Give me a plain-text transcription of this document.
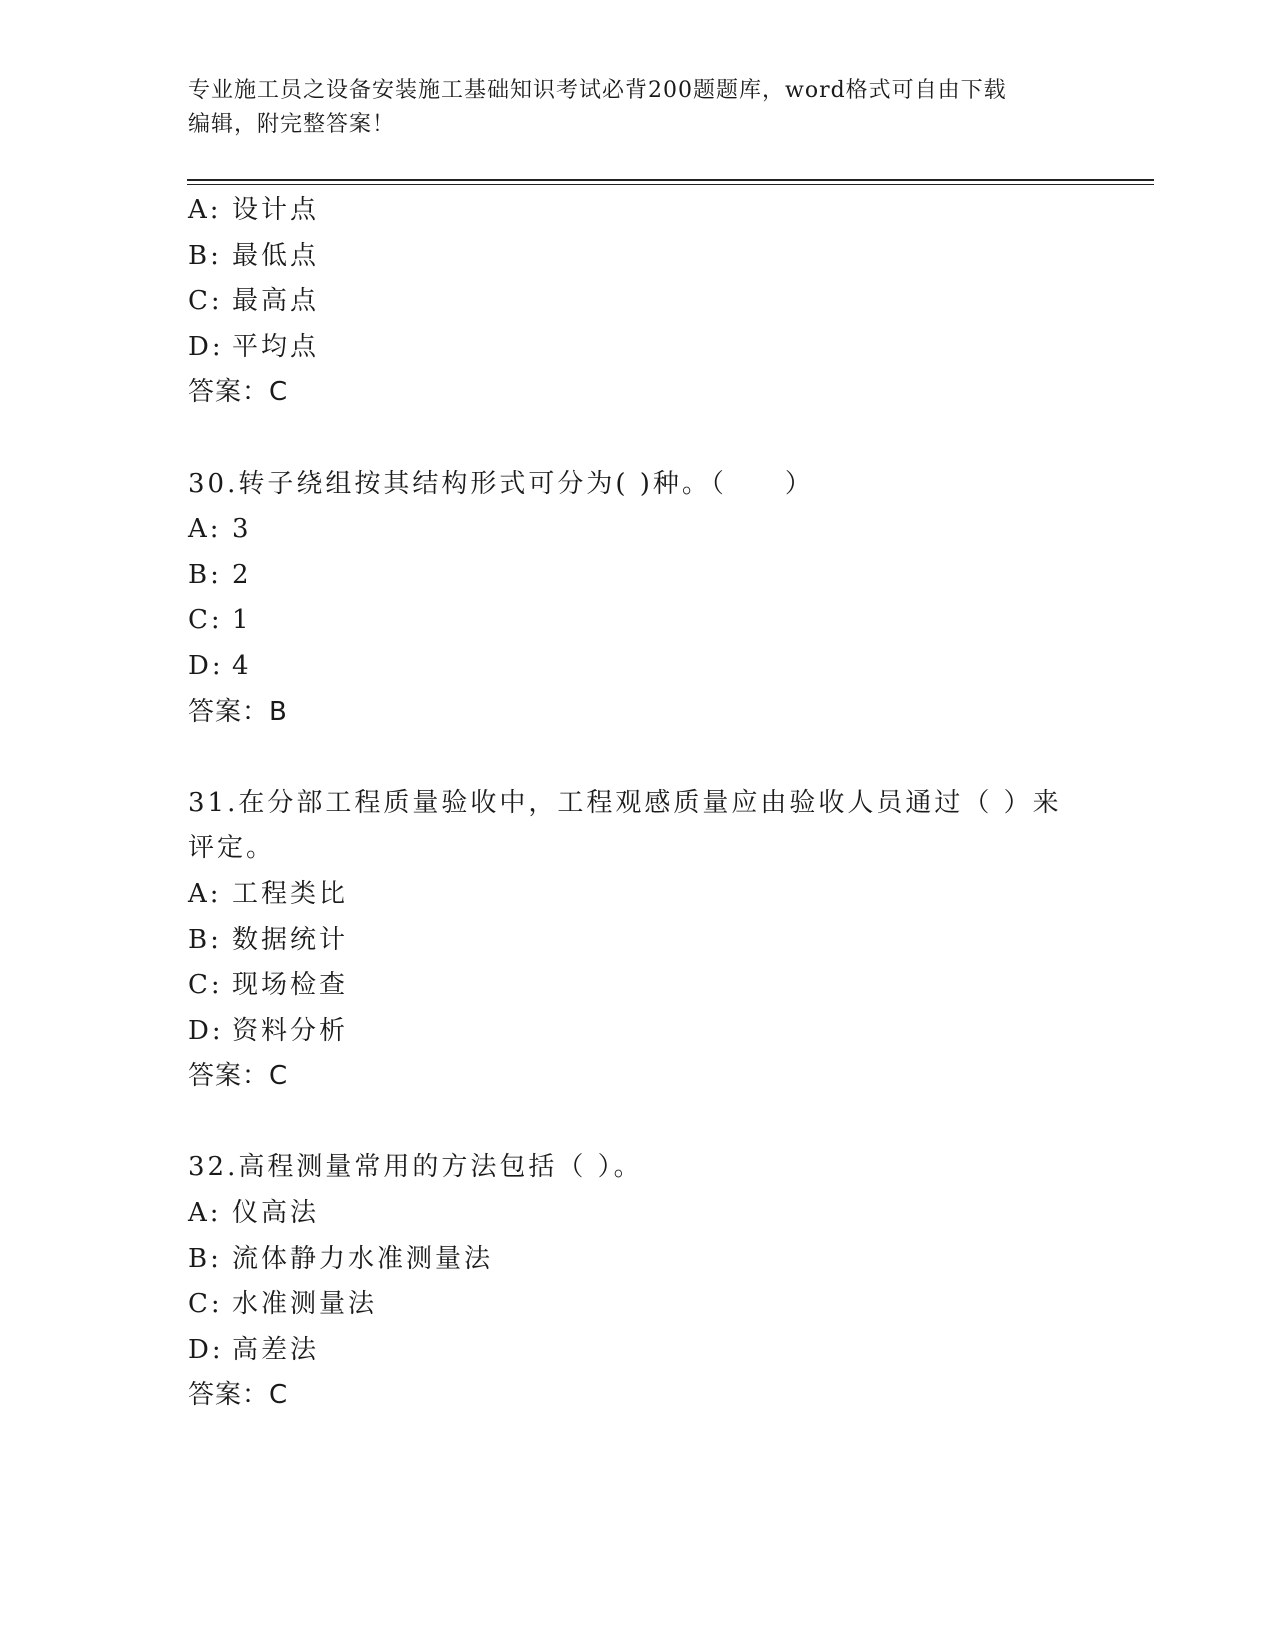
专业施工员之设备安装施工基础知识考试必背200题题库，word格式可自由下载
编辑，附完整答案！
A: 设计点
B: 最低点
C: 最高点
D: 平均点
答案：C
30.转子绕组按其结构形式可分为( )种。（　　）
A: 3
B: 2
C: 1
D: 4
答案：B
31.在分部工程质量验收中，工程观感质量应由验收人员通过（ ）来
评定。
A: 工程类比
B: 数据统计
C: 现场检查
D: 资料分析
答案：C
32.高程测量常用的方法包括（ ）。
A: 仪高法
B: 流体静力水准测量法
C: 水准测量法
D: 高差法
答案：C
